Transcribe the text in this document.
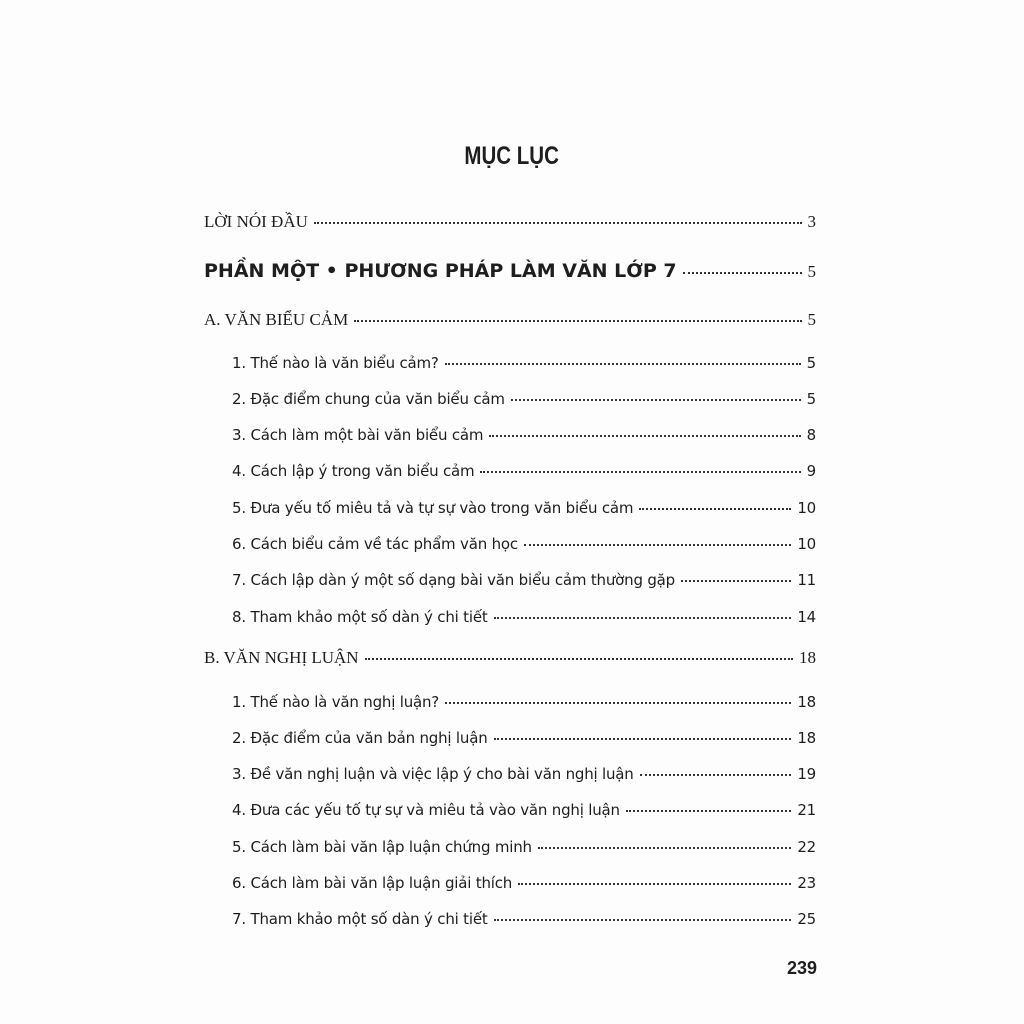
MỤC LỤC
LỜI NÓI ĐẦU	3
PHẦN MỘT • PHƯƠNG PHÁP LÀM VĂN LỚP 7	5
A. VĂN BIỂU CẢM	5
1. Thế nào là văn biểu cảm?	5
2. Đặc điểm chung của văn biểu cảm	5
3. Cách làm một bài văn biểu cảm	8
4. Cách lập ý trong văn biểu cảm	9
5. Đưa yếu tố miêu tả và tự sự vào trong văn biểu cảm	10
6. Cách biểu cảm về tác phẩm văn học	10
7. Cách lập dàn ý một số dạng bài văn biểu cảm thường gặp	11
8. Tham khảo một số dàn ý chi tiết	14
B. VĂN NGHỊ LUẬN	18
1. Thế nào là văn nghị luận?	18
2. Đặc điểm của văn bản nghị luận	18
3. Đề văn nghị luận và việc lập ý cho bài văn nghị luận	19
4. Đưa các yếu tố tự sự và miêu tả vào văn nghị luận	21
5. Cách làm bài văn lập luận chứng minh	22
6. Cách làm bài văn lập luận giải thích	23
7. Tham khảo một số dàn ý chi tiết	25
239
